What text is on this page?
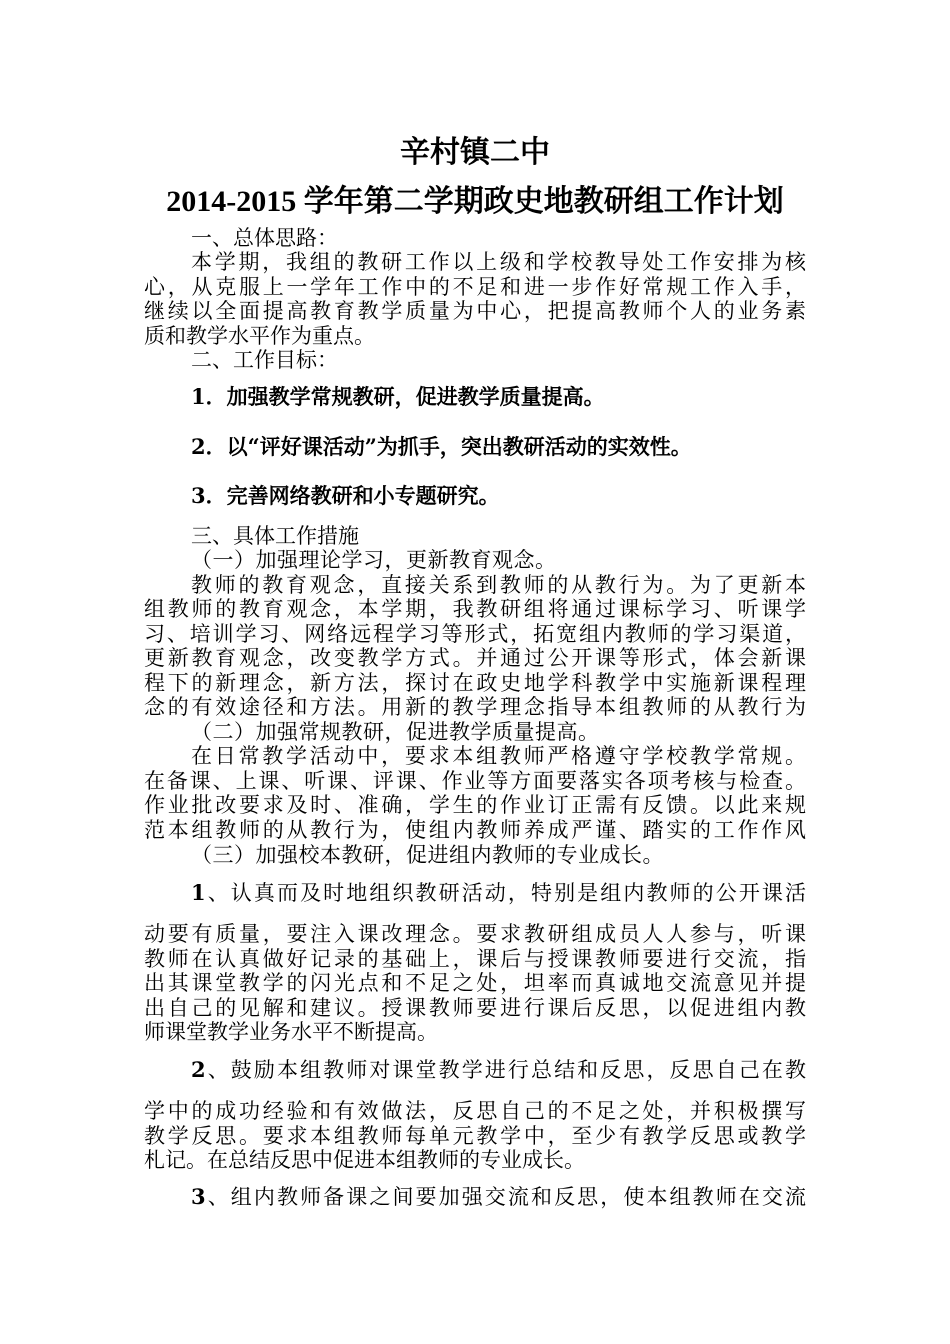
辛村镇二中
2014-2015 学年第二学期政史地教研组工作计划
一、总体思路：
本学期，我组的教研工作以上级和学校教导处工作安排为核
心，从克服上一学年工作中的不足和进一步作好常规工作入手，
继续以全面提高教育教学质量为中心，把提高教师个人的业务素
质和教学水平作为重点。
二、工作目标：
1．加强教学常规教研，促进教学质量提高。
2．以“评好课活动”为抓手，突出教研活动的实效性。
3．完善网络教研和小专题研究。
三、具体工作措施
（一）加强理论学习，更新教育观念。
教师的教育观念，直接关系到教师的从教行为。为了更新本
组教师的教育观念，本学期，我教研组将通过课标学习、听课学
习、培训学习、网络远程学习等形式，拓宽组内教师的学习渠道，
更新教育观念，改变教学方式。并通过公开课等形式，体会新课
程下的新理念，新方法，探讨在政史地学科教学中实施新课程理
念的有效途径和方法。用新的教学理念指导本组教师的从教行为
（二）加强常规教研，促进教学质量提高。
在日常教学活动中，要求本组教师严格遵守学校教学常规。
在备课、上课、听课、评课、作业等方面要落实各项考核与检查。
作业批改要求及时、准确，学生的作业订正需有反馈。以此来规
范本组教师的从教行为，使组内教师养成严谨、踏实的工作作风
（三）加强校本教研，促进组内教师的专业成长。
1、认真而及时地组织教研活动，特别是组内教师的公开课活
动要有质量，要注入课改理念。要求教研组成员人人参与，听课
教师在认真做好记录的基础上，课后与授课教师要进行交流，指
出其课堂教学的闪光点和不足之处，坦率而真诚地交流意见并提
出自己的见解和建议。授课教师要进行课后反思，以促进组内教
师课堂教学业务水平不断提高。
2、鼓励本组教师对课堂教学进行总结和反思，反思自己在教
学中的成功经验和有效做法，反思自己的不足之处，并积极撰写
教学反思。要求本组教师每单元教学中，至少有教学反思或教学
札记。在总结反思中促进本组教师的专业成长。
3、组内教师备课之间要加强交流和反思，使本组教师在交流
